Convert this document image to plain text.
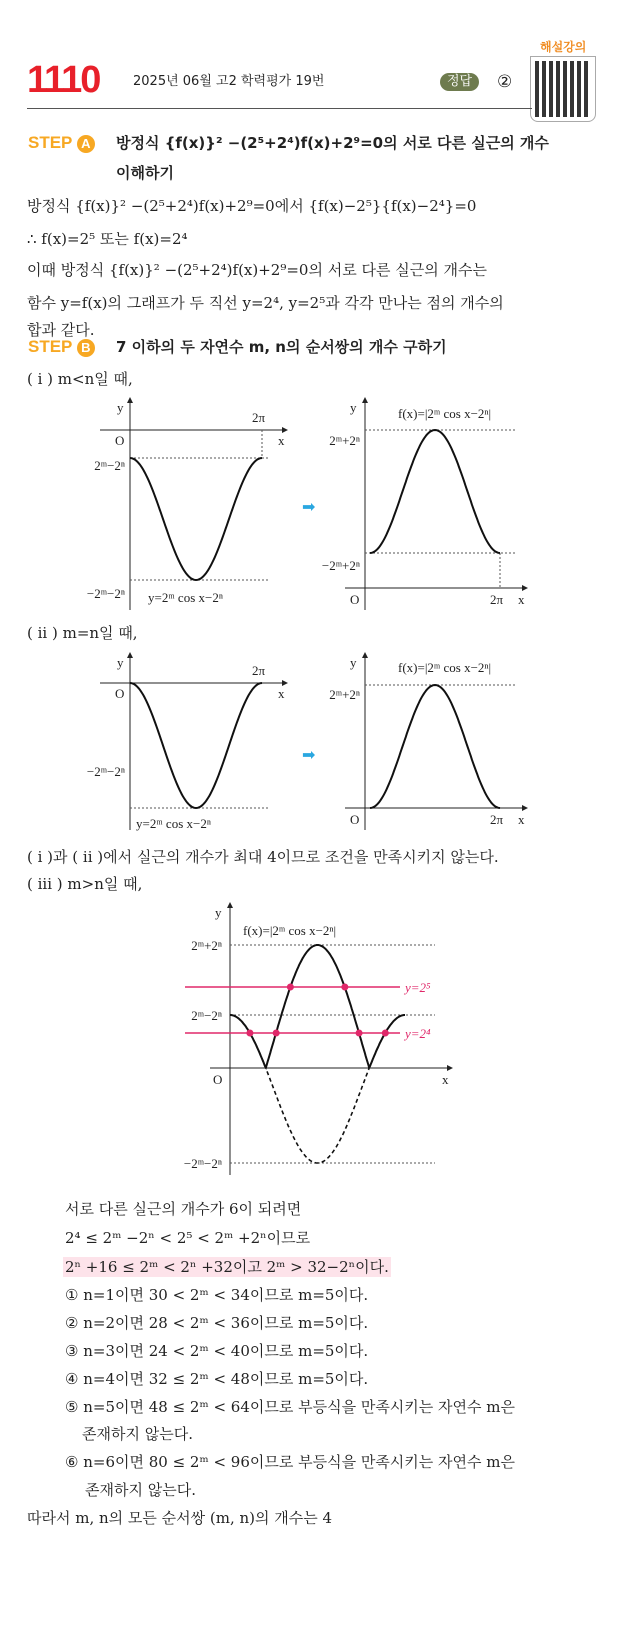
1110	2025년 06월 고2 학력평가 19번	정답	②
해설강의
STEP A 방정식 {f(x)}² −(2⁵+2⁴)f(x)+2⁹=0의 서로 다른 실근의 개수
이해하기
방정식 {f(x)}² −(2⁵+2⁴)f(x)+2⁹=0에서 {f(x)−2⁵}{f(x)−2⁴}=0
∴ f(x)=2⁵ 또는 f(x)=2⁴
이때 방정식 {f(x)}² −(2⁵+2⁴)f(x)+2⁹=0의 서로 다른 실근의 개수는
함수 y=f(x)의 그래프가 두 직선 y=2⁴, y=2⁵과 각각 만나는 점의 개수의
합과 같다.
STEP B 7 이하의 두 자연수 m, n의 순서쌍의 개수 구하기
( i ) m<n일 때,
( ii ) m=n일 때,
( i )과 ( ii )에서 실근의 개수가 최대 4이므로 조건을 만족시키지 않는다.
( iii ) m>n일 때,
y
x
O
2π
2ᵐ−2ⁿ
−2ᵐ−2ⁿ y=2ᵐ cos x−2ⁿ
➡
y
x
O	2π
2ᵐ+2ⁿ
−2ᵐ+2ⁿ
f(x)=|2ᵐ cos x−2ⁿ|
y
x
O
2π
−2ᵐ−2ⁿ
y=2ᵐ cos x−2ⁿ
➡
y
x
O	2π
2ᵐ+2ⁿ
f(x)=|2ᵐ cos x−2ⁿ|
y
x
O
2ᵐ+2ⁿ
2ᵐ−2ⁿ
−2ᵐ−2ⁿ
f(x)=|2ᵐ cos x−2ⁿ|
y=2⁵
y=2⁴
서로 다른 실근의 개수가 6이 되려면
2⁴ ≤ 2ᵐ −2ⁿ < 2⁵ < 2ᵐ +2ⁿ이므로
2ⁿ +16 ≤ 2ᵐ < 2ⁿ +32이고 2ᵐ > 32−2ⁿ이다.
① n=1이면 30 < 2ᵐ < 34이므로 m=5이다.
② n=2이면 28 < 2ᵐ < 36이므로 m=5이다.
③ n=3이면 24 < 2ᵐ < 40이므로 m=5이다.
④ n=4이면 32 ≤ 2ᵐ < 48이므로 m=5이다.
⑤ n=5이면 48 ≤ 2ᵐ < 64이므로 부등식을 만족시키는 자연수 m은
존재하지 않는다.
⑥ n=6이면 80 ≤ 2ᵐ < 96이므로 부등식을 만족시키는 자연수 m은
존재하지 않는다.
따라서 m, n의 모든 순서쌍 (m, n)의 개수는 4
